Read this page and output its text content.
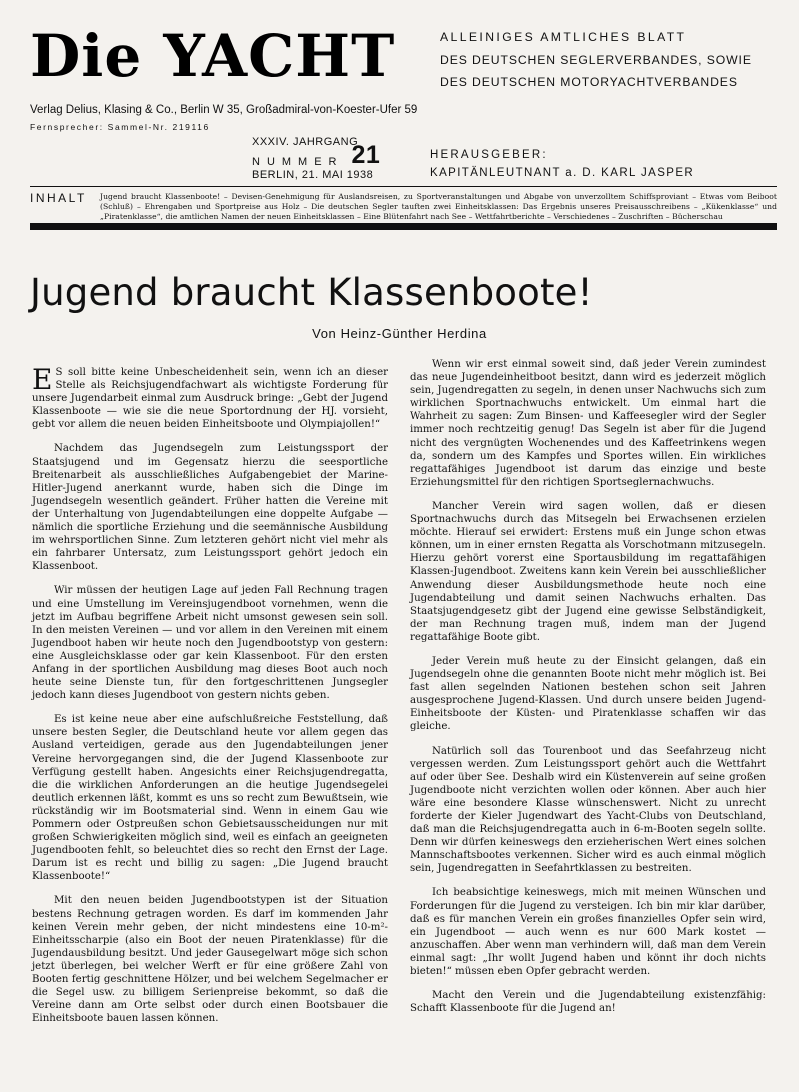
Die YACHT
Verlag Delius, Klasing & Co., Berlin W 35, Großadmiral-von-Koester-Ufer 59
Fernsprecher: Sammel-Nr. 219116
ALLEINIGES AMTLICHES BLATT
DES DEUTSCHEN SEGLERVERBANDES, SOWIE
DES DEUTSCHEN MOTORYACHTVERBANDES
XXXIV. JAHRGANG
NUMMER 21
BERLIN, 21. MAI 1938
HERAUSGEBER:
KAPITÄNLEUTNANT a. D. KARL JASPER
INHALT Jugend braucht Klassenboote! – Devisen-Genehmigung für Auslandsreisen, zu Sportveranstaltungen und Abgabe von unverzolltem Schiffsproviant – Etwas vom Beiboot (Schluß) – Ehrengaben und Sportpreise aus Holz – Die deutschen Segler tauften zwei Einheitsklassen: Das Ergebnis unseres Preisausschreibens – „Kükenklasse“ und „Piratenklasse“, die amtlichen Namen der neuen Einheitsklassen – Eine Blütenfahrt nach See – Wettfahrtberichte – Verschiedenes – Zuschriften – Bücherschau
Jugend braucht Klassenboote!
Von Heinz-Günther Herdina

E S soll bitte keine Unbescheidenheit sein, wenn ich an dieser Stelle als Reichsjugendfachwart als wichtigste Forderung für unsere Jugendarbeit einmal zum Ausdruck bringe: „Gebt der Jugend Klassenboote — wie sie die neue Sportordnung der HJ. vorsieht, gebt vor allem die neuen beiden Einheitsboote und Olympiajollen!“

Nachdem das Jugendsegeln zum Leistungssport der Staatsjugend und im Gegensatz hierzu die seesportliche Breitenarbeit als ausschließliches Aufgabengebiet der Marine-Hitler-Jugend anerkannt wurde, haben sich die Dinge im Jugendsegeln wesentlich geändert. Früher hatten die Vereine mit der Unterhaltung von Jugendabteilungen eine doppelte Aufgabe — nämlich die sportliche Erziehung und die seemännische Ausbildung im wehrsportlichen Sinne. Zum letzteren gehört nicht viel mehr als ein fahrbarer Untersatz, zum Leistungssport gehört jedoch ein Klassenboot.

Wir müssen der heutigen Lage auf jeden Fall Rechnung tragen und eine Umstellung im Vereinsjugendboot vornehmen, wenn die jetzt im Aufbau begriffene Arbeit nicht umsonst gewesen sein soll. In den meisten Vereinen — und vor allem in den Vereinen mit einem Jugendboot haben wir heute noch den Jugendbootstyp von gestern: eine Ausgleichsklasse oder gar kein Klassenboot. Für den ersten Anfang in der sportlichen Ausbildung mag dieses Boot auch noch heute seine Dienste tun, für den fortgeschrittenen Jungsegler jedoch kann dieses Jugendboot von gestern nichts geben.

Es ist keine neue aber eine aufschlußreiche Feststellung, daß unsere besten Segler, die Deutschland heute vor allem gegen das Ausland verteidigen, gerade aus den Jugendabteilungen jener Vereine hervorgegangen sind, die der Jugend Klassenboote zur Verfügung gestellt haben. Angesichts einer Reichsjugendregatta, die die wirklichen Anforderungen an die heutige Jugendsegelei deutlich erkennen läßt, kommt es uns so recht zum Bewußtsein, wie rückständig wir im Bootsmaterial sind. Wenn in einem Gau wie Pommern oder Ostpreußen schon Gebietsausscheidungen nur mit großen Schwierigkeiten möglich sind, weil es einfach an geeigneten Jugendbooten fehlt, so beleuchtet dies so recht den Ernst der Lage. Darum ist es recht und billig zu sagen: „Die Jugend braucht Klassenboote!“

Mit den neuen beiden Jugendbootstypen ist der Situation bestens Rechnung getragen worden. Es darf im kommenden Jahr keinen Verein mehr geben, der nicht mindestens eine 10-m²-Einheitsscharpie (also ein Boot der neuen Piratenklasse) für die Jugendausbildung besitzt. Und jeder Gausegelwart möge sich schon jetzt überlegen, bei welcher Werft er für eine größere Zahl von Booten fertig geschnittene Hölzer, und bei welchem Segelmacher er die Segel usw. zu billigem Serienpreise bekommt, so daß die Vereine dann am Orte selbst oder durch einen Bootsbauer die Einheitsboote bauen lassen können.

Wenn wir erst einmal soweit sind, daß jeder Verein zumindest das neue Jugendeinheitboot besitzt, dann wird es jederzeit möglich sein, Jugendregatten zu segeln, in denen unser Nachwuchs sich zum wirklichen Sportnachwuchs entwickelt. Um einmal hart die Wahrheit zu sagen: Zum Binsen- und Kaffeesegler wird der Segler immer noch rechtzeitig genug! Das Segeln ist aber für die Jugend nicht des vergnügten Wochenendes und des Kaffeetrinkens wegen da, sondern um des Kampfes und Sportes willen. Ein wirkliches regattafähiges Jugendboot ist darum das einzige und beste Erziehungsmittel für den richtigen Sportseglernachwuchs.

Mancher Verein wird sagen wollen, daß er diesen Sportnachwuchs durch das Mitsegeln bei Erwachsenen erzielen möchte. Hierauf sei erwidert: Erstens muß ein Junge schon etwas können, um in einer ernsten Regatta als Vorschotmann mitzusegeln. Hierzu gehört vorerst eine Sportausbildung im regattafähigen Klassen-Jugendboot. Zweitens kann kein Verein bei ausschließlicher Anwendung dieser Ausbildungsmethode heute noch eine Jugendabteilung und damit seinen Nachwuchs erhalten. Das Staatsjugendgesetz gibt der Jugend eine gewisse Selbständigkeit, der man Rechnung tragen muß, indem man der Jugend regattafähige Boote gibt.

Jeder Verein muß heute zu der Einsicht gelangen, daß ein Jugendsegeln ohne die genannten Boote nicht mehr möglich ist. Bei fast allen segelnden Nationen bestehen schon seit Jahren ausgesprochene Jugend-Klassen. Und durch unsere beiden Jugend-Einheitsboote der Küsten- und Piratenklasse schaffen wir das gleiche.

Natürlich soll das Tourenboot und das Seefahrzeug nicht vergessen werden. Zum Leistungssport gehört auch die Wettfahrt auf oder über See. Deshalb wird ein Küstenverein auf seine großen Jugendboote nicht verzichten wollen oder können. Aber auch hier wäre eine besondere Klasse wünschenswert. Nicht zu unrecht forderte der Kieler Jugendwart des Yacht-Clubs von Deutschland, daß man die Reichsjugendregatta auch in 6-m-Booten segeln sollte. Denn wir dürfen keineswegs den erzieherischen Wert eines solchen Mannschaftsbootes verkennen. Sicher wird es auch einmal möglich sein, Jugendregatten in Seefahrtklassen zu bestreiten.

Ich beabsichtige keineswegs, mich mit meinen Wünschen und Forderungen für die Jugend zu versteigen. Ich bin mir klar darüber, daß es für manchen Verein ein großes finanzielles Opfer sein wird, ein Jugendboot — auch wenn es nur 600 Mark kostet — anzuschaffen. Aber wenn man verhindern will, daß man dem Verein einmal sagt: „Ihr wollt Jugend haben und könnt ihr doch nichts bieten!“ müssen eben Opfer gebracht werden.

Macht den Verein und die Jugendabteilung existenzfähig: Schafft Klassenboote für die Jugend an!
